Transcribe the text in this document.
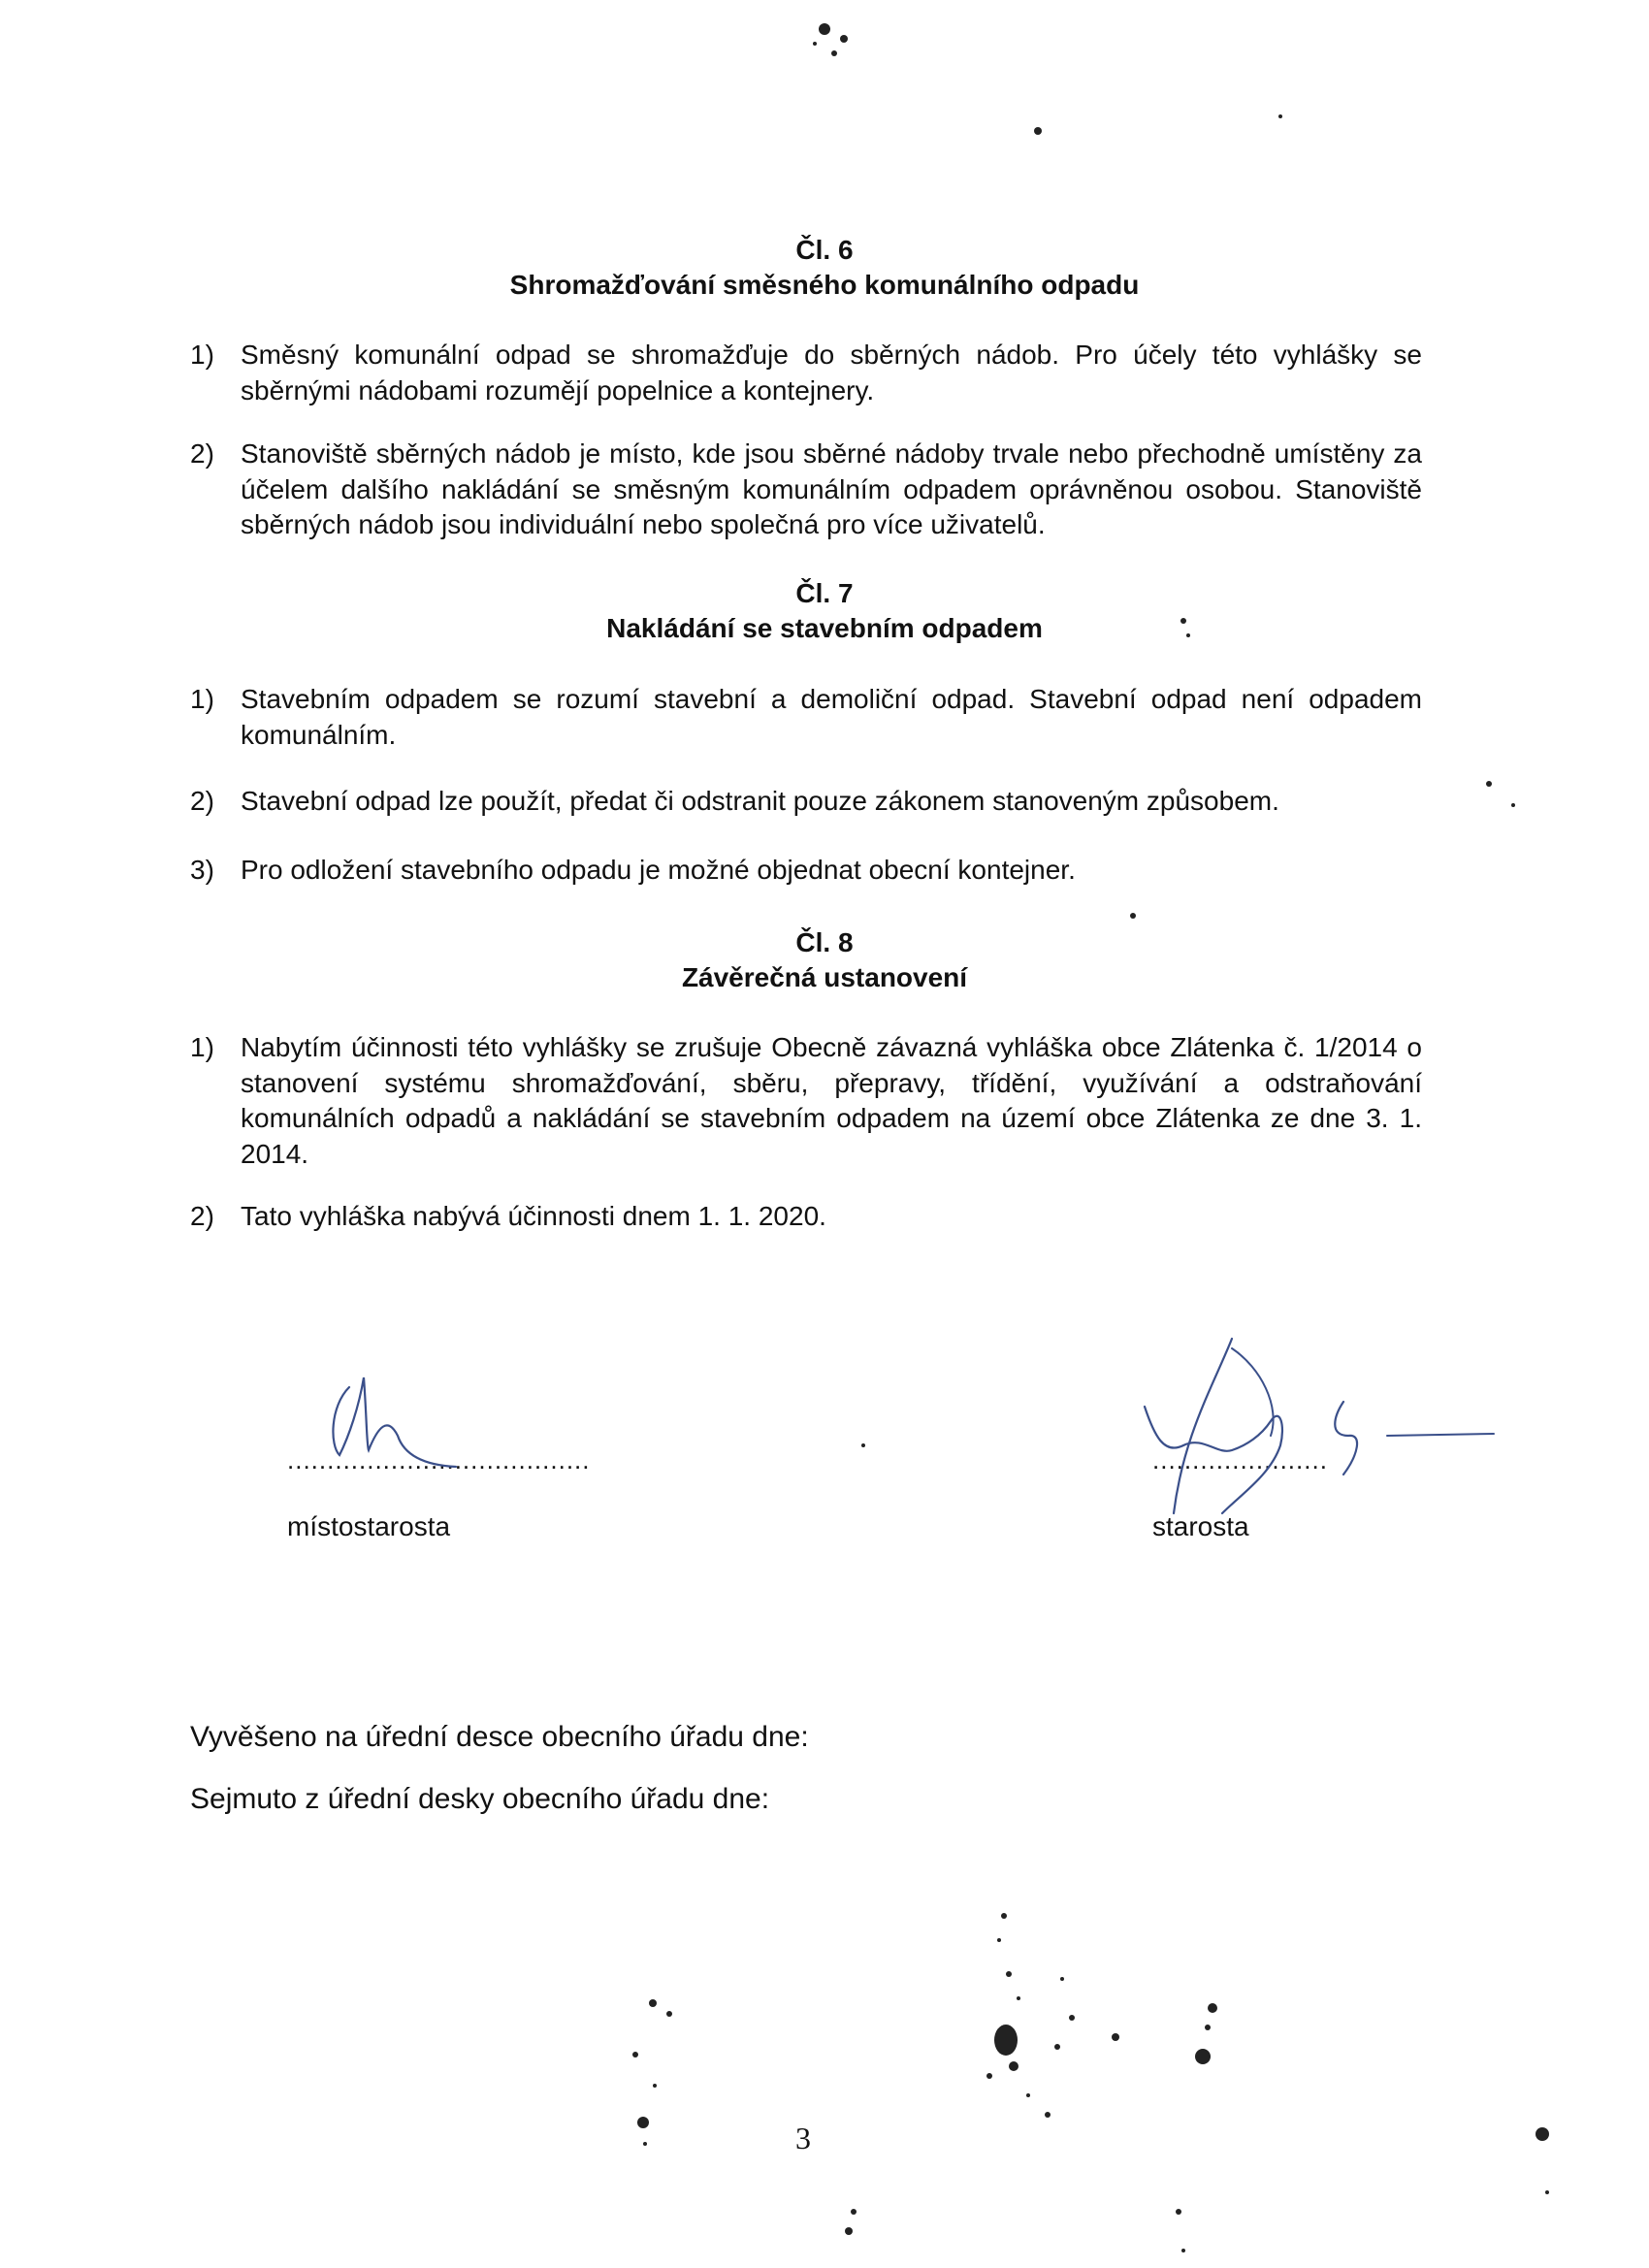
Čl. 6
Shromažďování směsného komunálního odpadu
1) Směsný komunální odpad se shromažďuje do sběrných nádob. Pro účely této vyhlášky se sběrnými nádobami rozumějí popelnice a kontejnery.
2) Stanoviště sběrných nádob je místo, kde jsou sběrné nádoby trvale nebo přechodně umístěny za účelem dalšího nakládání se směsným komunálním odpadem oprávněnou osobou. Stanoviště sběrných nádob jsou individuální nebo společná pro více uživatelů.
Čl. 7
Nakládání se stavebním odpadem
1) Stavebním odpadem se rozumí stavební a demoliční odpad. Stavební odpad není odpadem komunálním.
2) Stavební odpad lze použít, předat či odstranit pouze zákonem stanoveným způsobem.
3) Pro odložení stavebního odpadu je možné objednat obecní kontejner.
Čl. 8
Závěrečná ustanovení
1) Nabytím účinnosti této vyhlášky se zrušuje Obecně závazná vyhláška obce Zlátenka č. 1/2014 o stanovení systému shromažďování, sběru, přepravy, třídění, využívání a odstraňování komunálních odpadů a nakládání se stavebním odpadem na území obce Zlátenka ze dne 3. 1. 2014.
2) Tato vyhláška nabývá účinnosti dnem 1. 1. 2020.
......................................
místostarosta
......................
starosta
Vyvěšeno na úřední desce obecního úřadu dne:
Sejmuto z úřední desky obecního úřadu dne:
3
